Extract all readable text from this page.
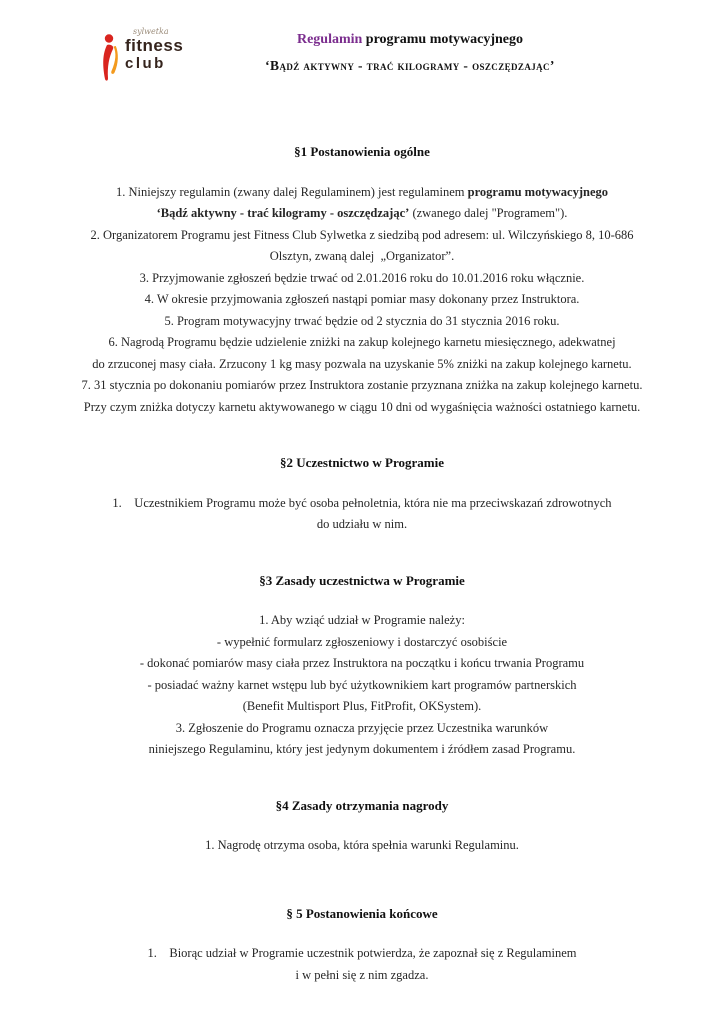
sylwetka
fitness
club
Regulamin programu motywacyjnego
‘Bądź aktywny - trać kilogramy - oszczędzając’
§1 Postanowienia ogólne
1. Niniejszy regulamin (zwany dalej Regulaminem) jest regulaminem programu motywacyjnego
‘Bądź aktywny - trać kilogramy - oszczędzając’ (zwanego dalej "Programem").
2. Organizatorem Programu jest Fitness Club Sylwetka z siedzibą pod adresem: ul. Wilczyńskiego 8, 10-686
Olsztyn, zwaną dalej  „Organizator”.
3. Przyjmowanie zgłoszeń będzie trwać od 2.01.2016 roku do 10.01.2016 roku włącznie.
4. W okresie przyjmowania zgłoszeń nastąpi pomiar masy dokonany przez Instruktora.
5. Program motywacyjny trwać będzie od 2 stycznia do 31 stycznia 2016 roku.
6. Nagrodą Programu będzie udzielenie zniżki na zakup kolejnego karnetu miesięcznego, adekwatnej
do zrzuconej masy ciała. Zrzucony 1 kg masy pozwala na uzyskanie 5% zniżki na zakup kolejnego karnetu.
7. 31 stycznia po dokonaniu pomiarów przez Instruktora zostanie przyznana zniżka na zakup kolejnego karnetu.
Przy czym zniżka dotyczy karnetu aktywowanego w ciągu 10 dni od wygaśnięcia ważności ostatniego karnetu.
§2 Uczestnictwo w Programie
1.    Uczestnikiem Programu może być osoba pełnoletnia, która nie ma przeciwskazań zdrowotnych
do udziału w nim.
§3 Zasady uczestnictwa w Programie
1. Aby wziąć udział w Programie należy:
- wypełnić formularz zgłoszeniowy i dostarczyć osobiście
- dokonać pomiarów masy ciała przez Instruktora na początku i końcu trwania Programu
- posiadać ważny karnet wstępu lub być użytkownikiem kart programów partnerskich
(Benefit Multisport Plus, FitProfit, OKSystem).
3. Zgłoszenie do Programu oznacza przyjęcie przez Uczestnika warunków
niniejszego Regulaminu, który jest jedynym dokumentem i źródłem zasad Programu.
§4 Zasady otrzymania nagrody
1. Nagrodę otrzyma osoba, która spełnia warunki Regulaminu.
§ 5 Postanowienia końcowe
1.    Biorąc udział w Programie uczestnik potwierdza, że zapoznał się z Regulaminem
i w pełni się z nim zgadza.
